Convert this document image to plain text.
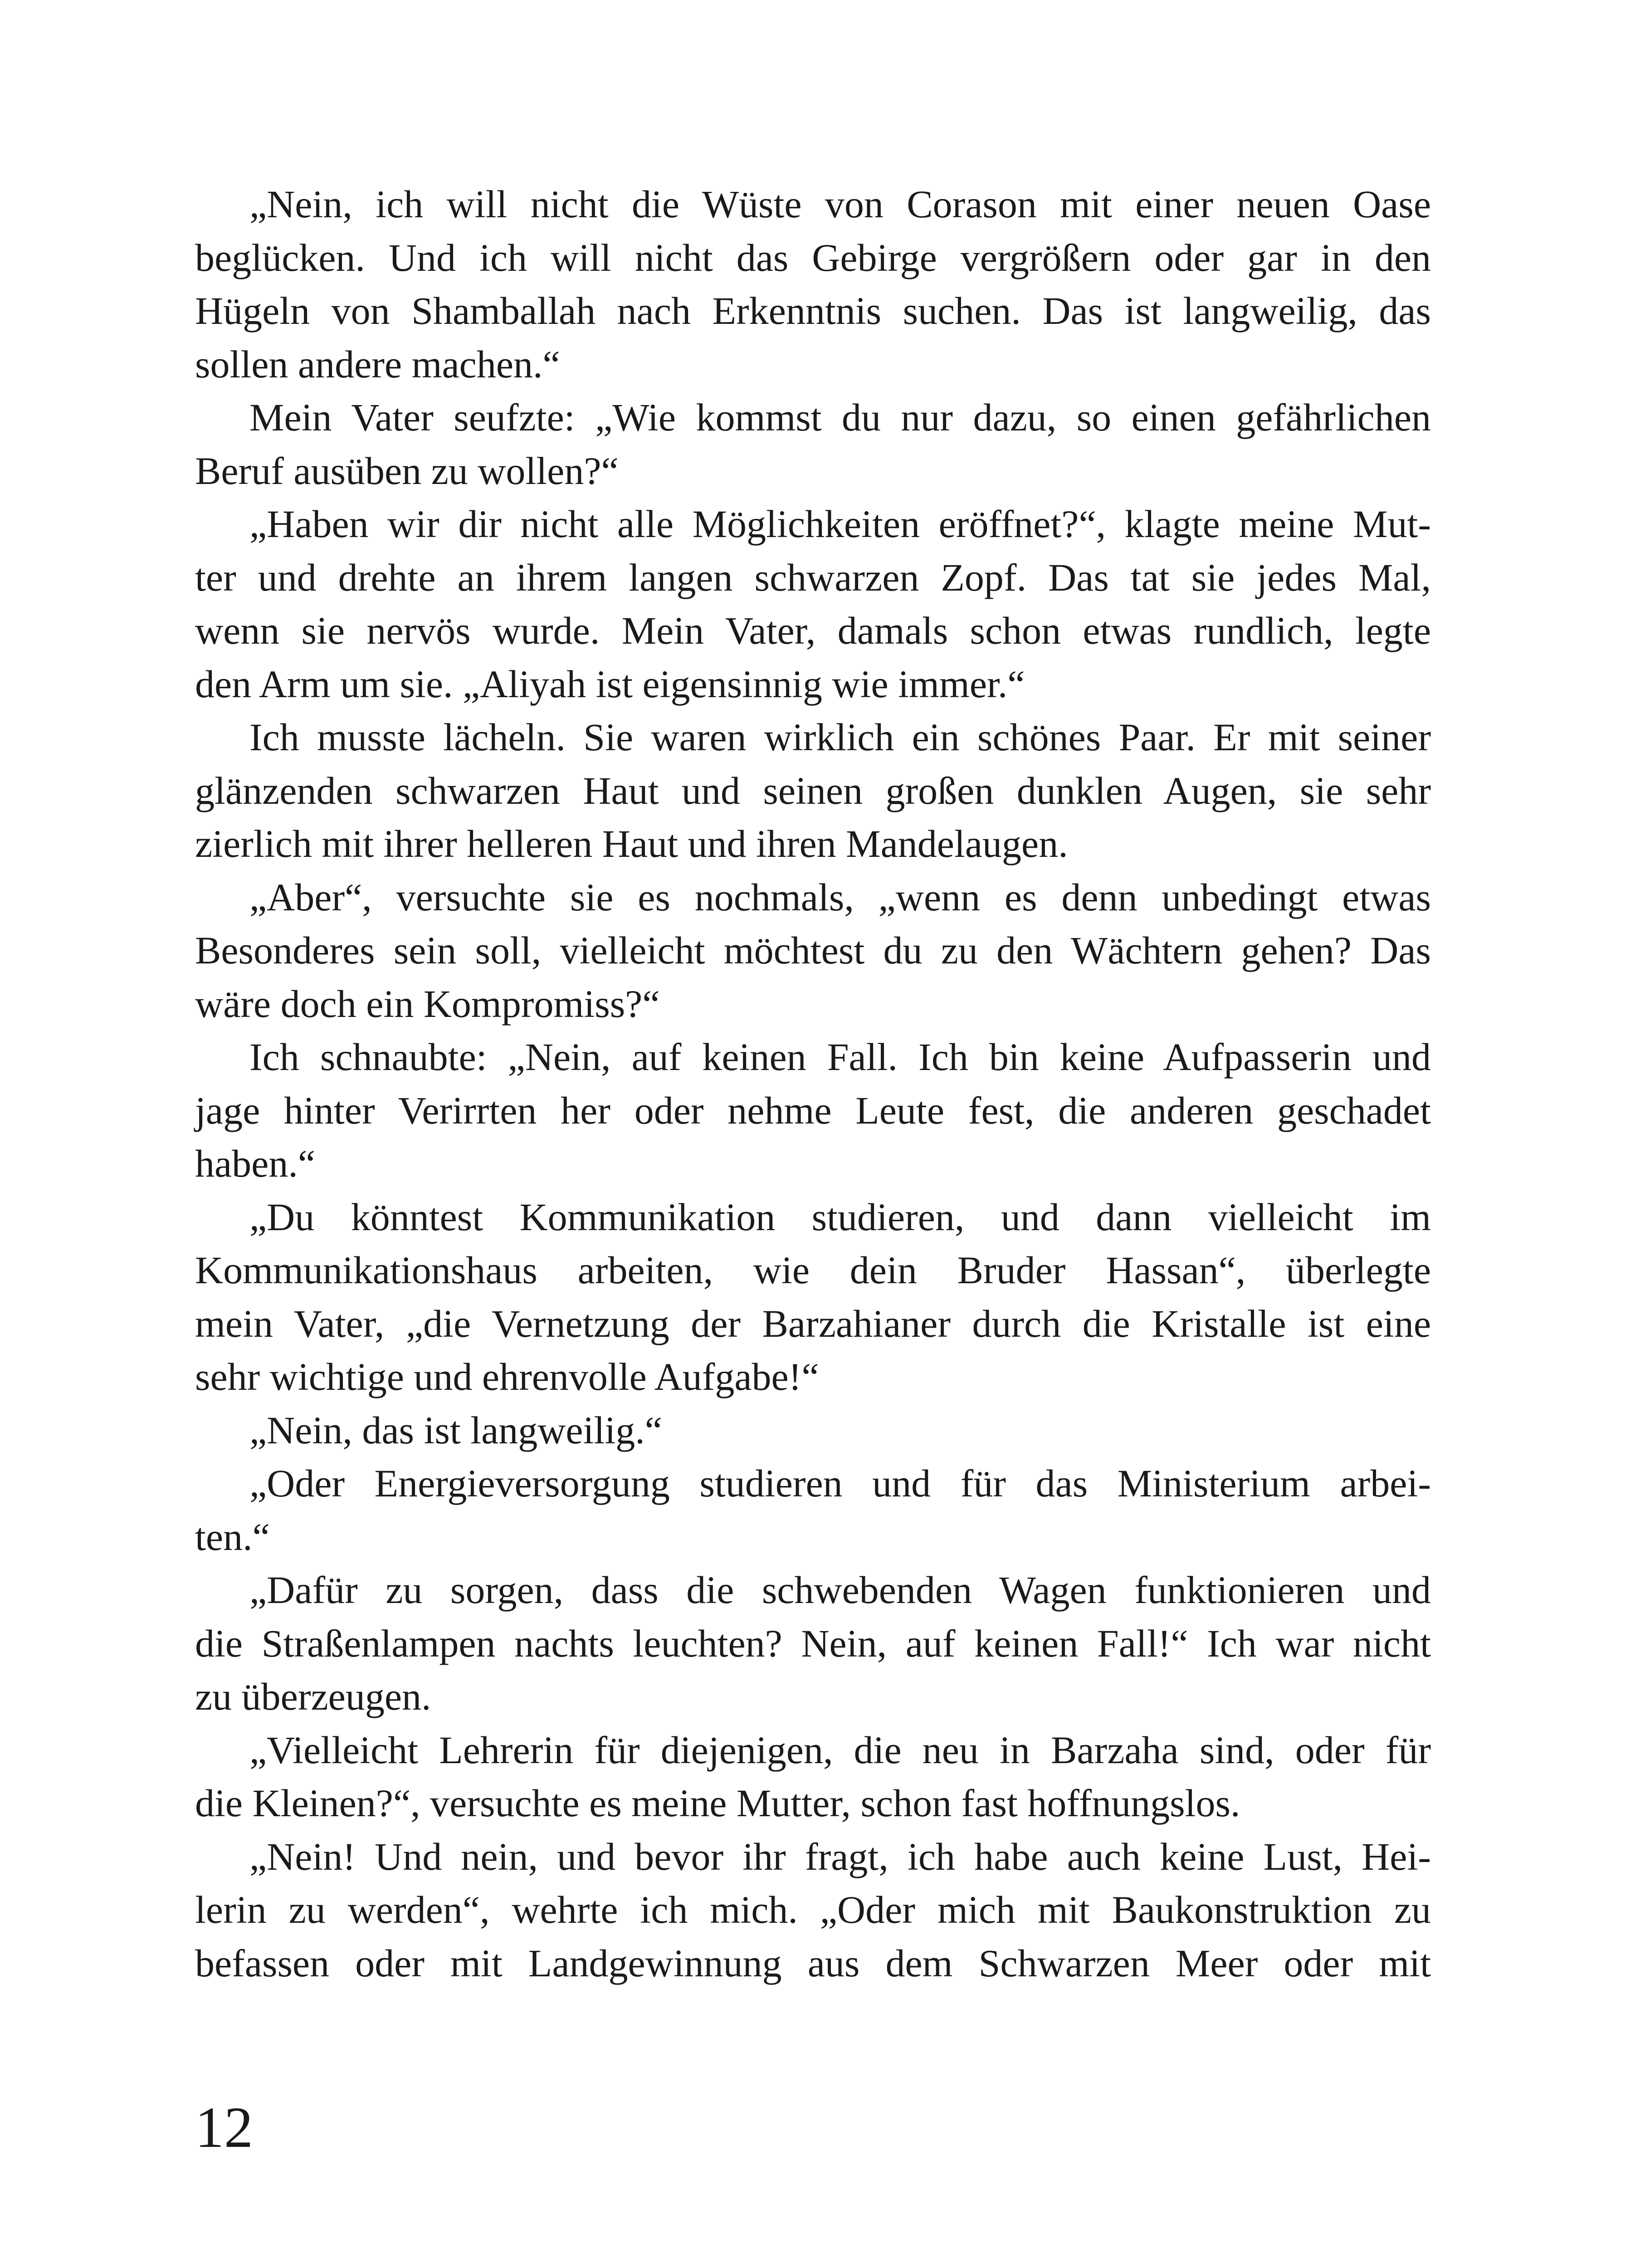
„Nein, ich will nicht die Wüste von Corason mit einer neuen Oase
beglücken. Und ich will nicht das Gebirge vergrößern oder gar in den
Hügeln von Shamballah nach Erkenntnis suchen. Das ist langweilig, das
sollen andere machen.“
Mein Vater seufzte: „Wie kommst du nur dazu, so einen gefährlichen
Beruf ausüben zu wollen?“
„Haben wir dir nicht alle Möglichkeiten eröffnet?“, klagte meine Mut-
ter und drehte an ihrem langen schwarzen Zopf. Das tat sie jedes Mal,
wenn sie nervös wurde. Mein Vater, damals schon etwas rundlich, legte
den Arm um sie. „Aliyah ist eigensinnig wie immer.“
Ich musste lächeln. Sie waren wirklich ein schönes Paar. Er mit seiner
glänzenden schwarzen Haut und seinen großen dunklen Augen, sie sehr
zierlich mit ihrer helleren Haut und ihren Mandelaugen.
„Aber“, versuchte sie es nochmals, „wenn es denn unbedingt etwas
Besonderes sein soll, vielleicht möchtest du zu den Wächtern gehen? Das
wäre doch ein Kompromiss?“
Ich schnaubte: „Nein, auf keinen Fall. Ich bin keine Aufpasserin und
jage hinter Verirrten her oder nehme Leute fest, die anderen geschadet
haben.“
„Du könntest Kommunikation studieren, und dann vielleicht im
Kommunikationshaus arbeiten, wie dein Bruder Hassan“, überlegte
mein Vater, „die Vernetzung der Barzahianer durch die Kristalle ist eine
sehr wichtige und ehrenvolle Aufgabe!“
„Nein, das ist langweilig.“
„Oder Energieversorgung studieren und für das Ministerium arbei-
ten.“
„Dafür zu sorgen, dass die schwebenden Wagen funktionieren und
die Straßenlampen nachts leuchten? Nein, auf keinen Fall!“ Ich war nicht
zu überzeugen.
„Vielleicht Lehrerin für diejenigen, die neu in Barzaha sind, oder für
die Kleinen?“, versuchte es meine Mutter, schon fast hoffnungslos.
„Nein! Und nein, und bevor ihr fragt, ich habe auch keine Lust, Hei-
lerin zu werden“, wehrte ich mich. „Oder mich mit Baukonstruktion zu
befassen oder mit Landgewinnung aus dem Schwarzen Meer oder mit
12
